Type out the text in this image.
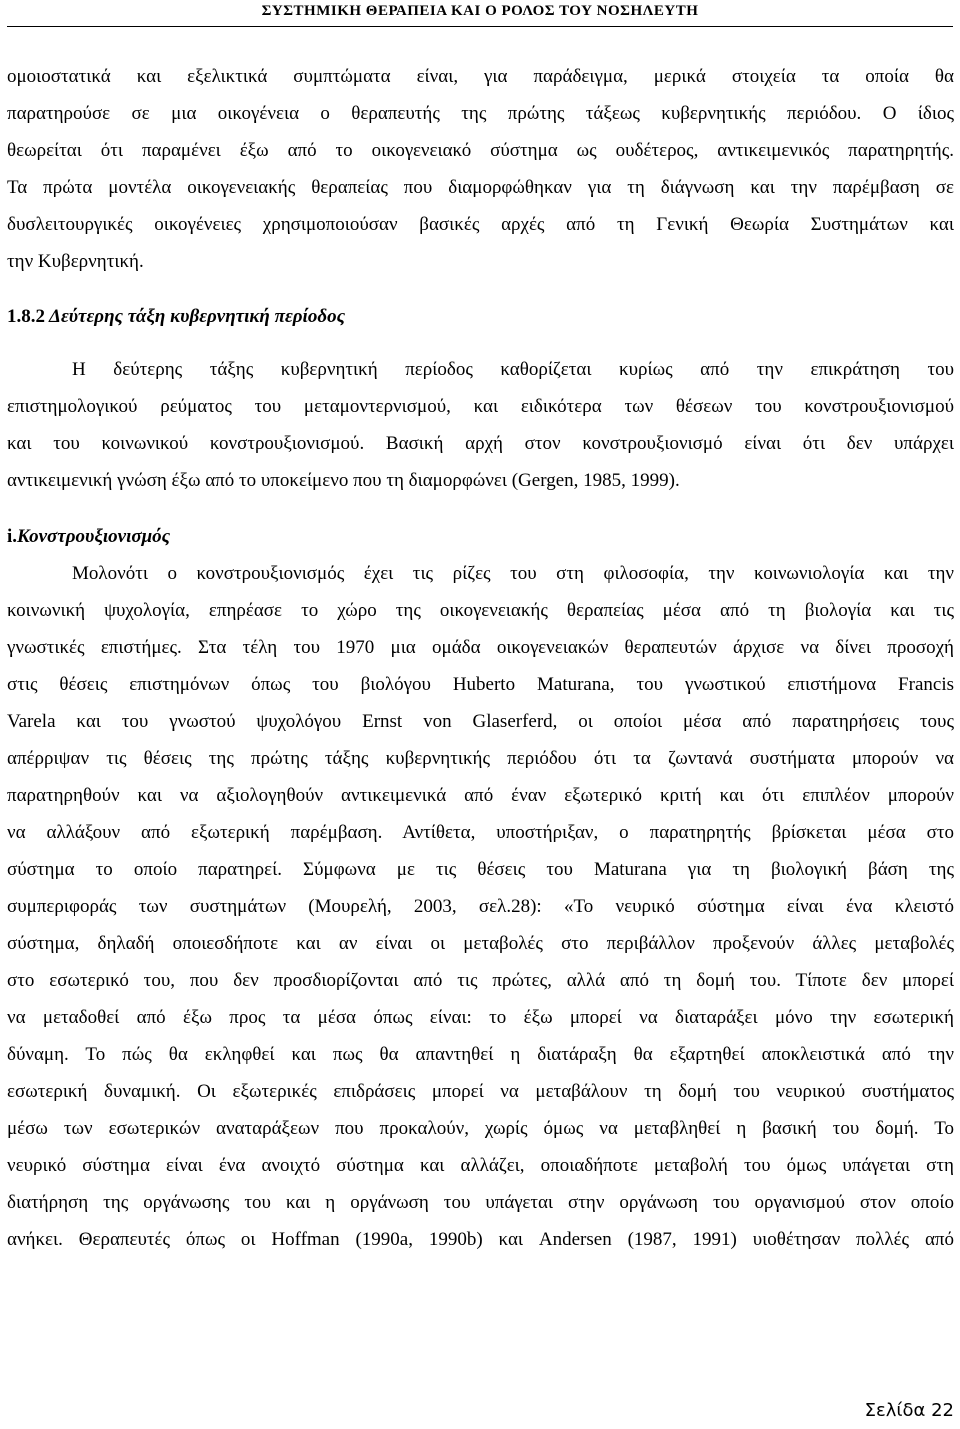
ΣΥΣΤΗΜΙΚΗ ΘΕΡΑΠΕΙΑ ΚΑΙ Ο ΡΟΛΟΣ ΤΟΥ ΝΟΣΗΛΕΥΤΗ
ομοιοστατικά και εξελικτικά συμπτώματα είναι, για παράδειγμα, μερικά στοιχεία τα οποία θα
παρατηρούσε σε μια οικογένεια ο θεραπευτής της πρώτης τάξεως κυβερνητικής περιόδου. Ο ίδιος
θεωρείται ότι παραμένει έξω από το οικογενειακό σύστημα ως ουδέτερος, αντικειμενικός παρατηρητής.
Τα πρώτα μοντέλα οικογενειακής θεραπείας που διαμορφώθηκαν για τη διάγνωση και την παρέμβαση σε
δυσλειτουργικές οικογένειες χρησιμοποιούσαν βασικές αρχές από τη Γενική Θεωρία Συστημάτων και
την Κυβερνητική.
1.8.2 Δεύτερης τάξη κυβερνητική περίοδος
Η δεύτερης τάξης κυβερνητική περίοδος καθορίζεται κυρίως από την επικράτηση του
επιστημολογικού ρεύματος του μεταμοντερνισμού, και ειδικότερα των θέσεων του κονστρουξιονισμού
και του κοινωνικού κονστρουξιονισμού. Βασική αρχή στον κονστρουξιονισμό είναι ότι δεν υπάρχει
αντικειμενική γνώση έξω από το υποκείμενο που τη διαμορφώνει (Gergen, 1985, 1999).
i.Κονστρουξιονισμός
Μολονότι ο κονστρουξιονισμός έχει τις ρίζες του στη φιλοσοφία, την κοινωνιολογία και την
κοινωνική ψυχολογία, επηρέασε το χώρο της οικογενειακής θεραπείας μέσα από τη βιολογία και τις
γνωστικές επιστήμες. Στα τέλη του 1970 μια ομάδα οικογενειακών θεραπευτών άρχισε να δίνει προσοχή
στις θέσεις επιστημόνων όπως του βιολόγου Huberto Maturana, του γνωστικού επιστήμονα Francis
Varela και του γνωστού ψυχολόγου Ernst von Glaserferd, οι οποίοι μέσα από παρατηρήσεις τους
απέρριψαν τις θέσεις της πρώτης τάξης κυβερνητικής περιόδου ότι τα ζωντανά συστήματα μπορούν να
παρατηρηθούν και να αξιολογηθούν αντικειμενικά από έναν εξωτερικό κριτή και ότι επιπλέον μπορούν
να αλλάξουν από εξωτερική παρέμβαση. Αντίθετα, υποστήριξαν, ο παρατηρητής βρίσκεται μέσα στο
σύστημα το οποίο παρατηρεί. Σύμφωνα με τις θέσεις του Maturana για τη βιολογική βάση της
συμπεριφοράς των συστημάτων (Μουρελή, 2003, σελ.28): «Το νευρικό σύστημα είναι ένα κλειστό
σύστημα, δηλαδή οποιεσδήποτε και αν είναι οι μεταβολές στο περιβάλλον προξενούν άλλες μεταβολές
στο εσωτερικό του, που δεν προσδιορίζονται από τις πρώτες, αλλά από τη δομή του. Τίποτε δεν μπορεί
να μεταδοθεί από έξω προς τα μέσα όπως είναι: το έξω μπορεί να διαταράξει μόνο την εσωτερική
δύναμη. Το πώς θα εκληφθεί και πως θα απαντηθεί η διατάραξη θα εξαρτηθεί αποκλειστικά από την
εσωτερική δυναμική. Οι εξωτερικές επιδράσεις μπορεί να μεταβάλουν τη δομή του νευρικού συστήματος
μέσω των εσωτερικών αναταράξεων που προκαλούν, χωρίς όμως να μεταβληθεί η βασική του δομή. Το
νευρικό σύστημα είναι ένα ανοιχτό σύστημα και αλλάζει, οποιαδήποτε μεταβολή του όμως υπάγεται στη
διατήρηση της οργάνωσης του και η οργάνωση του υπάγεται στην οργάνωση του οργανισμού στον οποίο
ανήκει. Θεραπευτές όπως οι Hoffman (1990a, 1990b) και Andersen (1987, 1991) υιοθέτησαν πολλές από
Σελίδα 22
